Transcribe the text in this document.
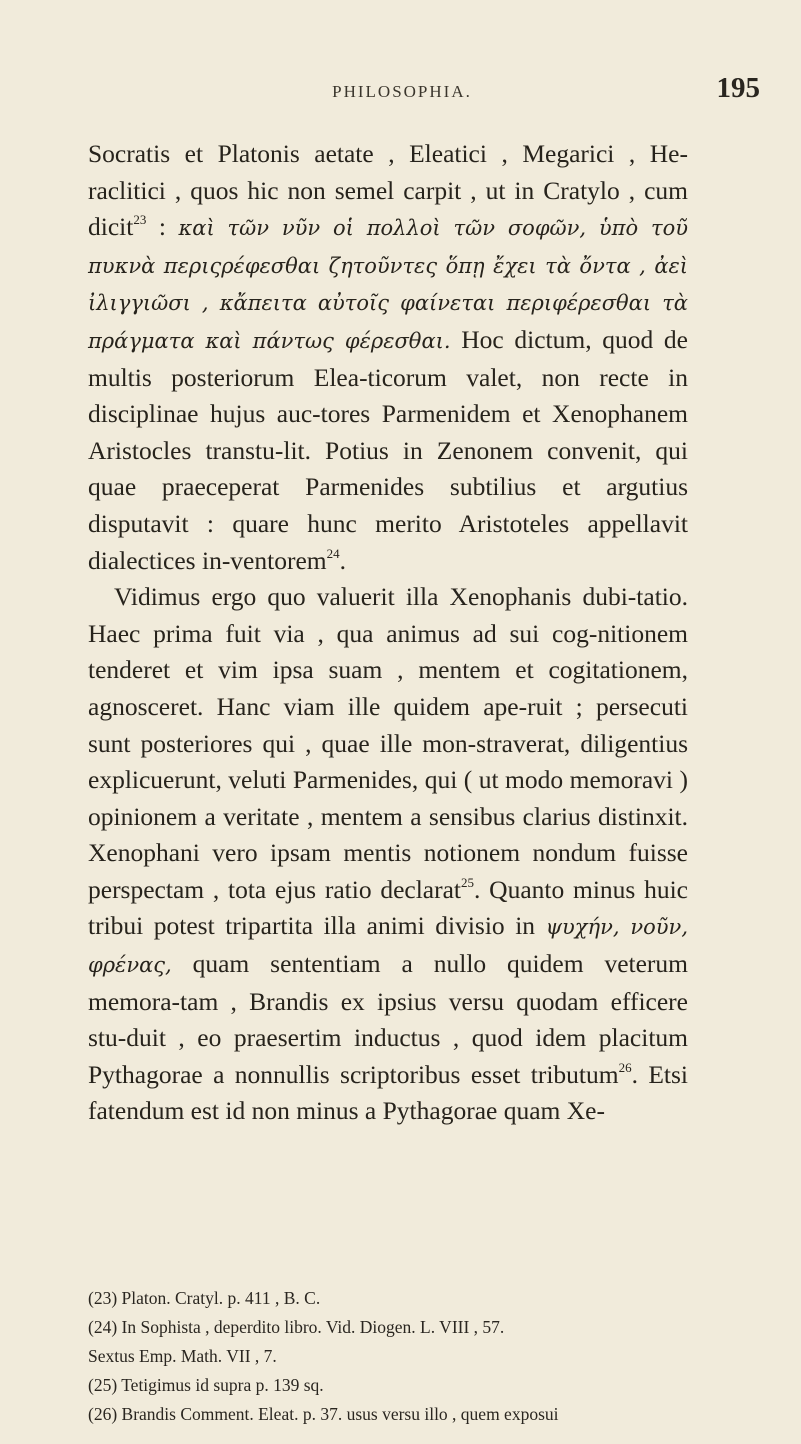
PHILOSOPHIA.	195

Socratis et Platonis aetate , Eleatici , Megarici , He-raclitici , quos hic non semel carpit , ut in Cratylo , cum dicit$^{23}$ : καὶ τῶν νῦν οἱ πολλοὶ τῶν σοφῶν, ὑπὸ τοῦ πυκνὰ περιςρέφεσθαι ζητοῦντες ὅπῃ ἔχει τὰ ὄντα , ἀεὶ ἰλιγγιῶσι , κἄπειτα αὐτοῖς φαίνεται περιφέρεσθαι τὰ πράγματα καὶ πάντως φέρεσθαι. Hoc dictum, quod de multis posteriorum Elea-ticorum valet, non recte in disciplinae hujus auc-tores Parmenidem et Xenophanem Aristocles transtu-lit. Potius in Zenonem convenit, qui quae praeceperat Parmenides subtilius et argutius disputavit : quare hunc merito Aristoteles appellavit dialectices in-ventorem$^{24}$.

Vidimus ergo quo valuerit illa Xenophanis dubi-tatio. Haec prima fuit via , qua animus ad sui cog-nitionem tenderet et vim ipsa suam , mentem et cogitationem, agnosceret. Hanc viam ille quidem ape-ruit ; persecuti sunt posteriores qui , quae ille mon-straverat, diligentius explicuerunt, veluti Parmenides, qui ( ut modo memoravi ) opinionem a veritate , mentem a sensibus clarius distinxit. Xenophani vero ipsam mentis notionem nondum fuisse perspectam , tota ejus ratio declarat$^{25}$. Quanto minus huic tribui potest tripartita illa animi divisio in ψυχήν, νοῦν, φρένας, quam sententiam a nullo quidem veterum memora-tam , Brandis ex ipsius versu quodam efficere stu-duit , eo praesertim inductus , quod idem placitum Pythagorae a nonnullis scriptoribus esset tributum$^{26}$. Etsi fatendum est id non minus a Pythagorae quam Xe-

(23) Platon. Cratyl. p. 411 , B. C.
(24) In Sophista , deperdito libro. Vid. Diogen. L. VIII , 57.
Sextus Emp. Math. VII , 7.
(25) Tetigimus id supra p. 139 sq.
(26) Brandis Comment. Eleat. p. 37. usus versu illo , quem exposui
